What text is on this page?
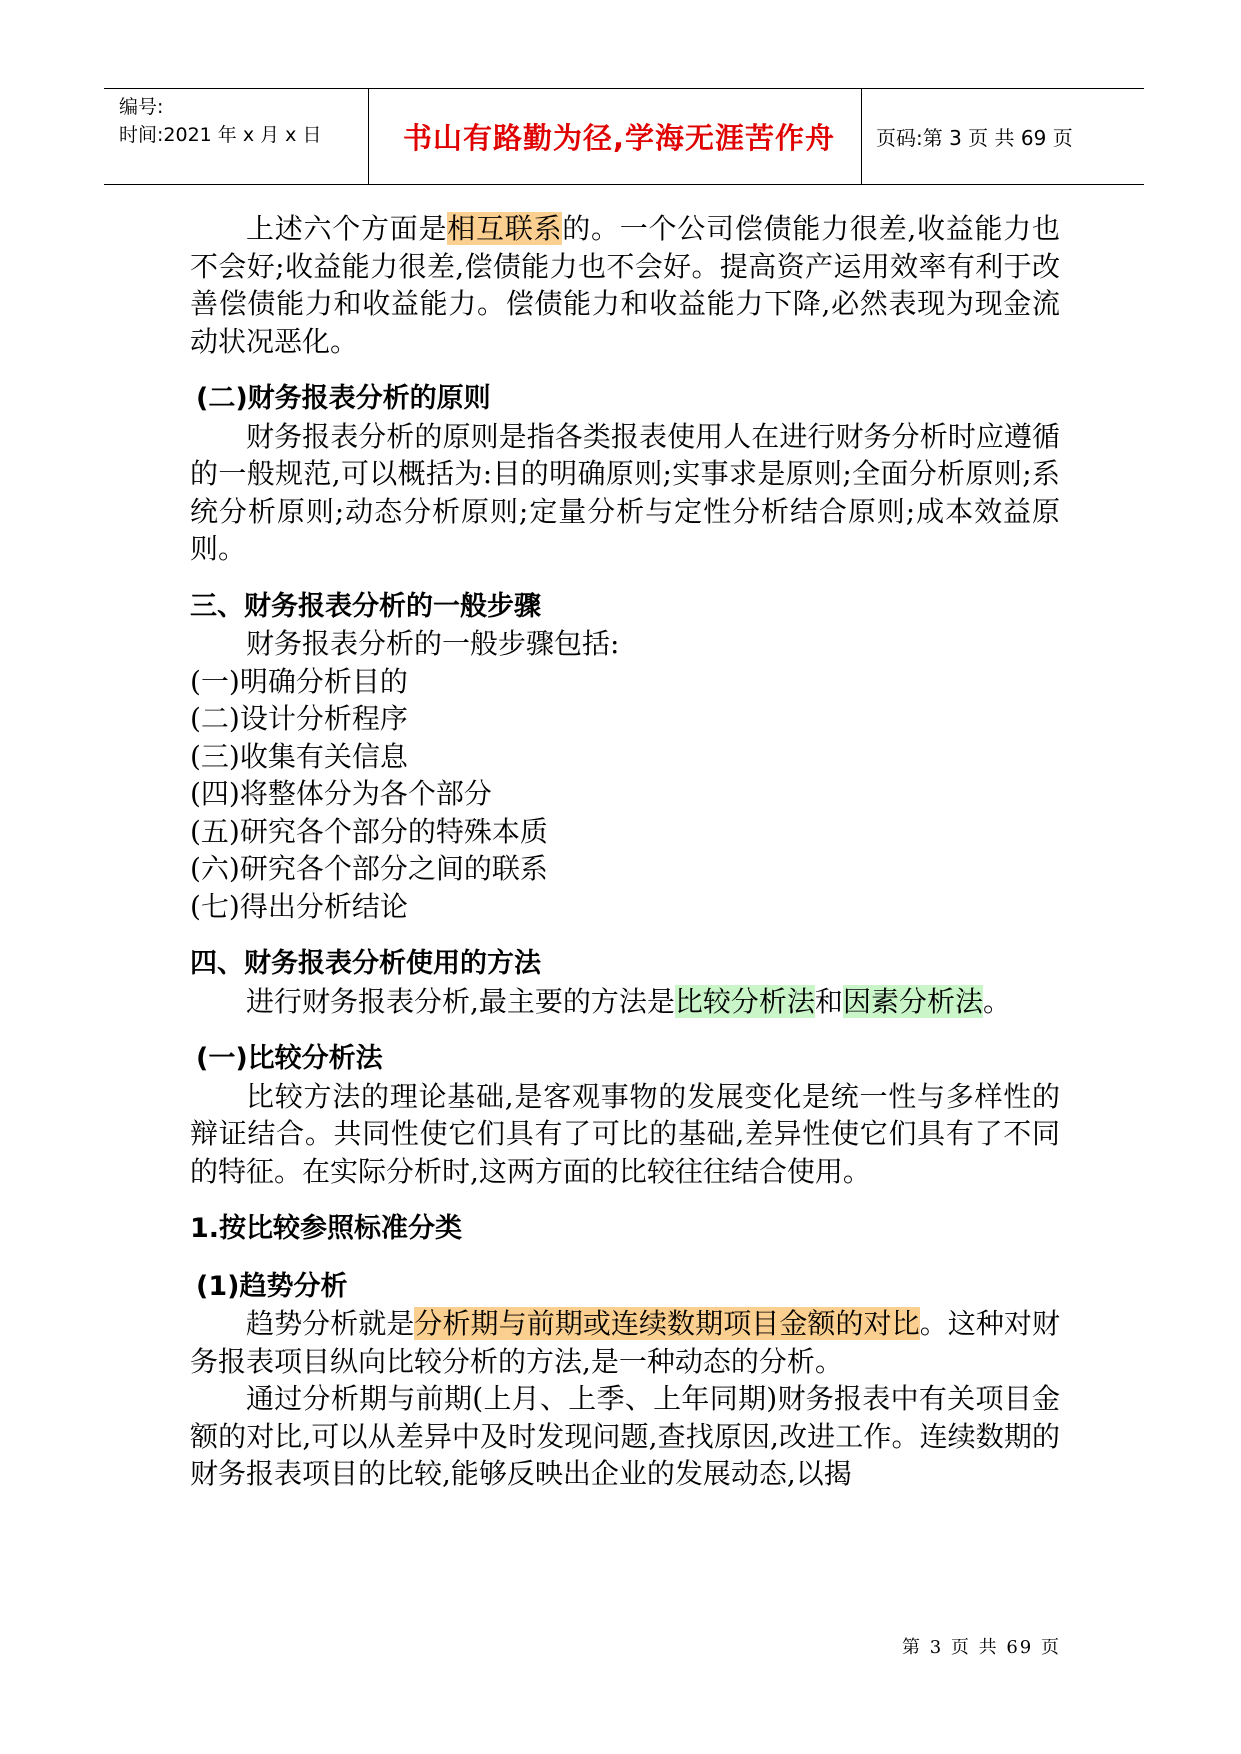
编号:
时间:2021 年 x 月 x 日	书山有路勤为径,学海无涯苦作舟	页码:第 3 页 共 69 页

上述六个方面是相互联系的。一个公司偿债能力很差,收益能力也不会好;收益能力很差,偿债能力也不会好。提高资产运用效率有利于改善偿债能力和收益能力。偿债能力和收益能力下降,必然表现为现金流动状况恶化。

(二)财务报表分析的原则

财务报表分析的原则是指各类报表使用人在进行财务分析时应遵循的一般规范,可以概括为:目的明确原则;实事求是原则;全面分析原则;系统分析原则;动态分析原则;定量分析与定性分析结合原则;成本效益原则。

三、财务报表分析的一般步骤

财务报表分析的一般步骤包括:

(一)明确分析目的

(二)设计分析程序

(三)收集有关信息

(四)将整体分为各个部分

(五)研究各个部分的特殊本质

(六)研究各个部分之间的联系

(七)得出分析结论

四、财务报表分析使用的方法

进行财务报表分析,最主要的方法是比较分析法和因素分析法。

(一)比较分析法

比较方法的理论基础,是客观事物的发展变化是统一性与多样性的辩证结合。共同性使它们具有了可比的基础,差异性使它们具有了不同的特征。在实际分析时,这两方面的比较往往结合使用。

1.按比较参照标准分类

(1)趋势分析

趋势分析就是分析期与前期或连续数期项目金额的对比。这种对财务报表项目纵向比较分析的方法,是一种动态的分析。

通过分析期与前期(上月、上季、上年同期)财务报表中有关项目金额的对比,可以从差异中及时发现问题,查找原因,改进工作。连续数期的财务报表项目的比较,能够反映出企业的发展动态,以揭

第 3 页 共 69 页
